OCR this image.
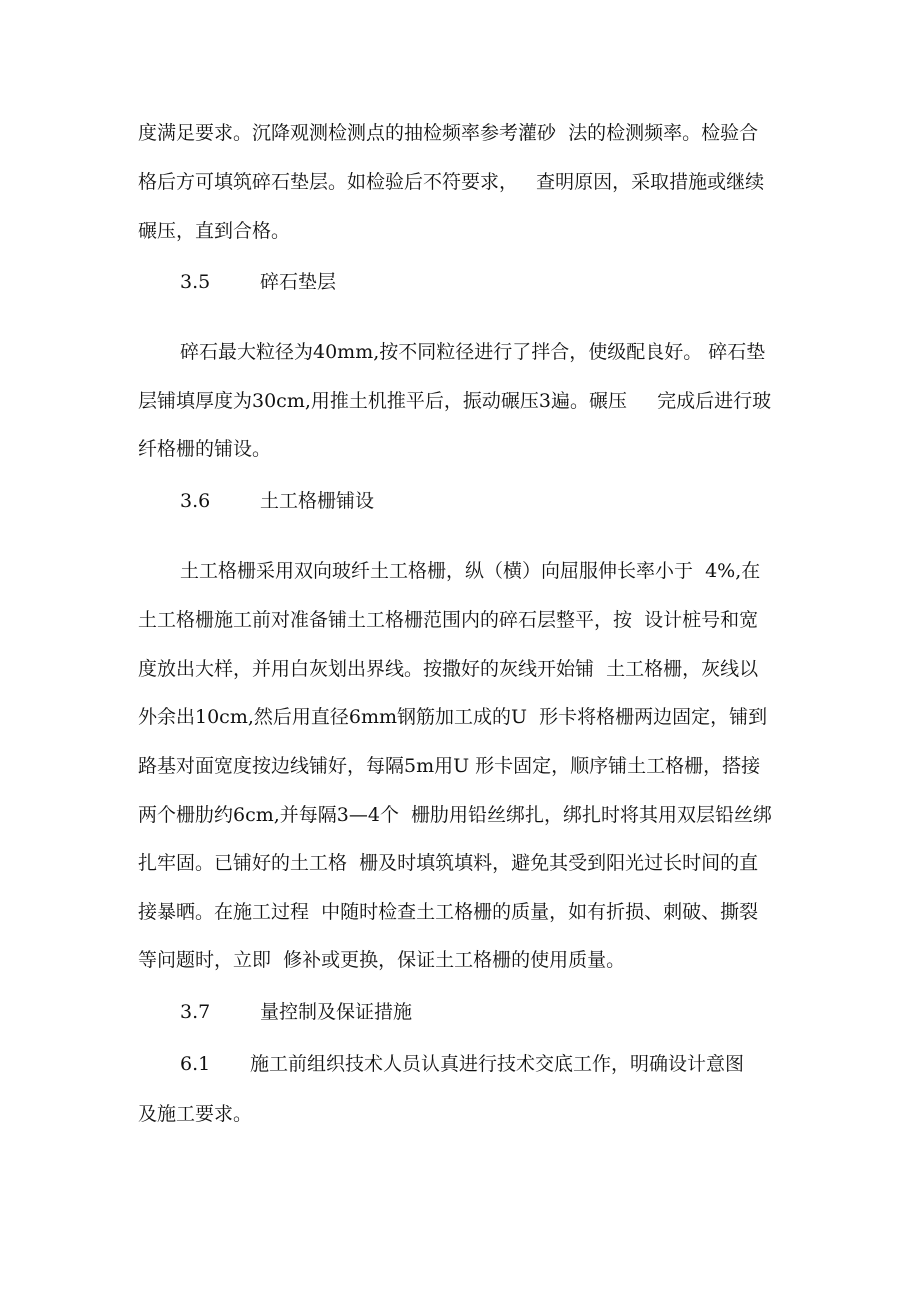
度满足要求。沉降观测检测点的抽检频率参考灌砂  法的检测频率。检验合
格后方可填筑碎石垫层。如检验后不符要求，   查明原因，采取措施或继续
碾压，直到合格。
3.5	碎石垫层
碎石最大粒径为40mm,按不同粒径进行了拌合，使级配良好。 碎石垫
层铺填厚度为30cm,用推土机推平后，振动碾压3遍。碾压     完成后进行玻
纤格栅的铺设。
3.6	土工格栅铺设
土工格栅采用双向玻纤土工格栅，纵（横）向屈服伸长率小于  4%,在
土工格栅施工前对准备铺土工格栅范围内的碎石层整平，按  设计桩号和宽
度放出大样，并用白灰划出界线。按撒好的灰线开始铺  土工格栅，灰线以
外余出10cm,然后用直径6mm钢筋加工成的U  形卡将格栅两边固定，铺到
路基对面宽度按边线铺好，每隔5m用U 形卡固定，顺序铺土工格栅，搭接
两个栅肋约6cm,并每隔3—4个  栅肋用铅丝绑扎，绑扎时将其用双层铅丝绑
扎牢固。已铺好的土工格  栅及时填筑填料，避免其受到阳光过长时间的直
接暴晒。在施工过程  中随时检查土工格栅的质量，如有折损、刺破、撕裂
等问题时，立即  修补或更换，保证土工格栅的使用质量。
3.7	量控制及保证措施
6.1 施工前组织技术人员认真进行技术交底工作，明确设计意图
及施工要求。
